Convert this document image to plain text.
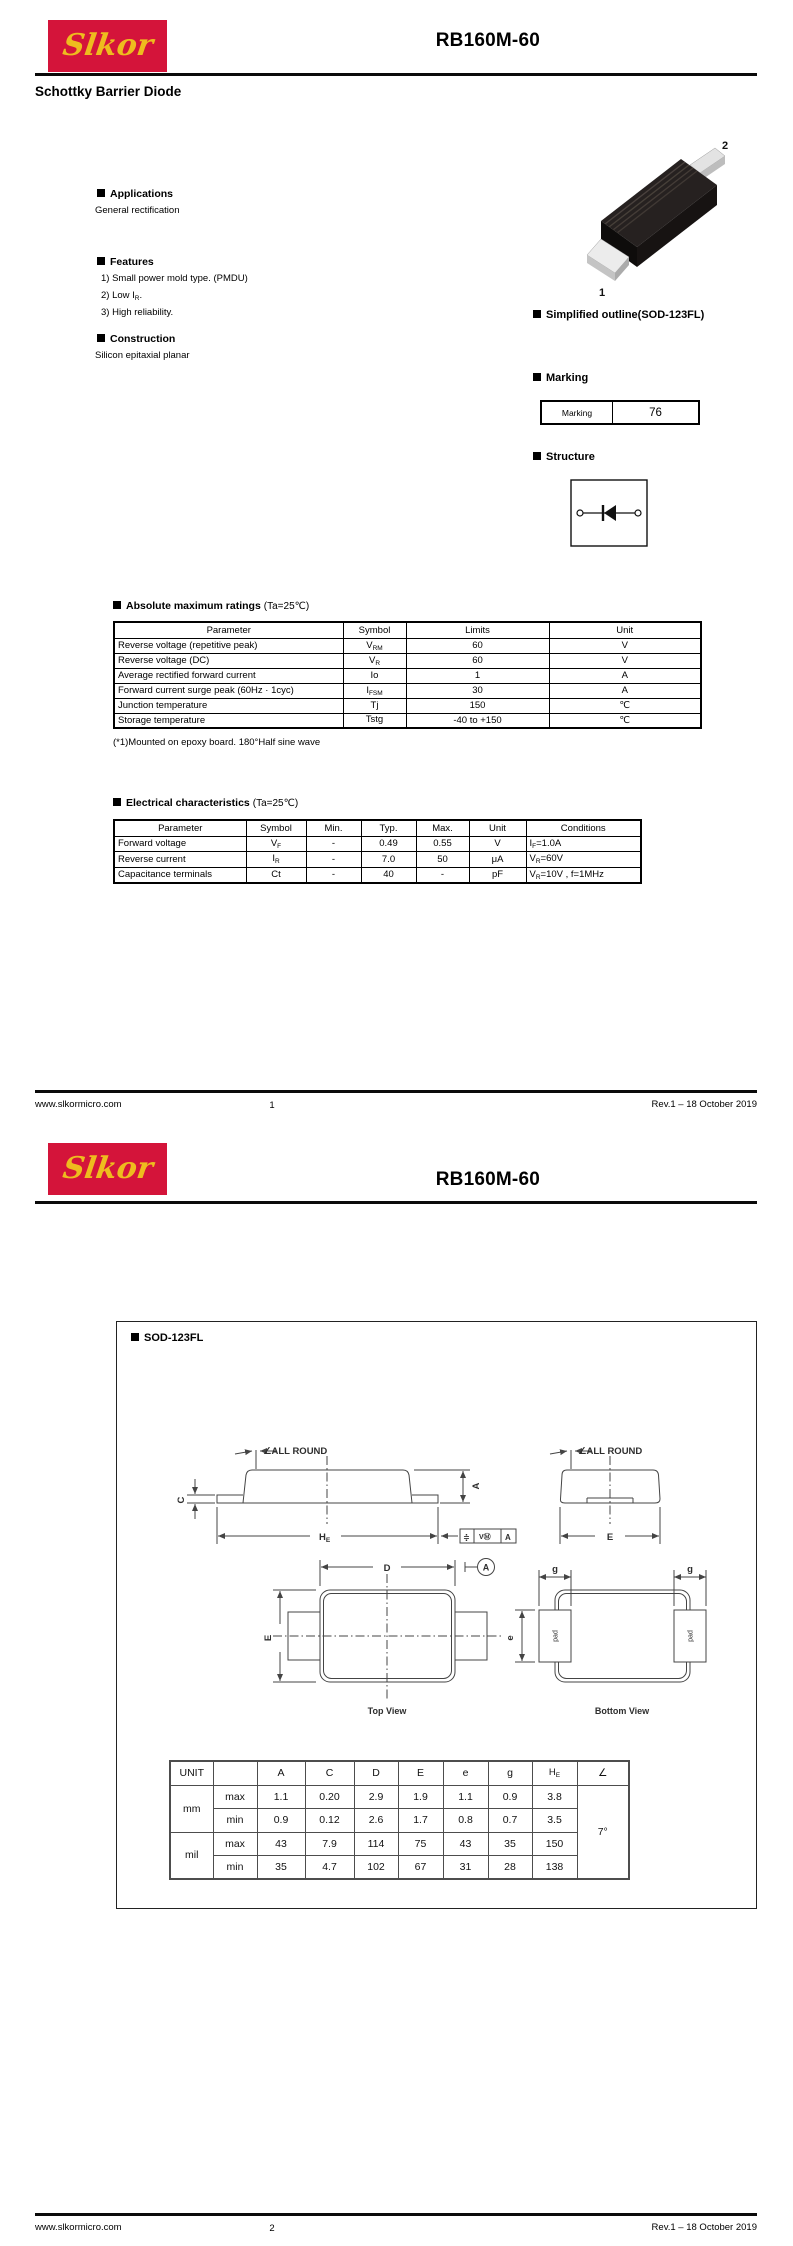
Slkor	RB160M-60
Schottky Barrier Diode
Applications
General rectification
Features
1) Small power mold type. (PMDU)
2) Low $I_R$.
3) High reliability.
Construction
Silicon epitaxial planar
2
1
Simplified outline(SOD-123FL)
Marking
Marking	76
Structure
Absolute maximum ratings (Ta=25℃)
Parameter	Symbol	Limits	Unit
Reverse voltage (repetitive peak)	$V_{RM}$	60	V
Reverse voltage (DC)	$V_R$	60	V
Average rectified forward current	Io	1	A
Forward current surge peak (60Hz · 1cyc)	$I_{FSM}$	30	A
Junction temperature	Tj	150	℃
Storage temperature	Tstg	-40 to +150	℃
(*1)Mounted on epoxy board. 180°Half sine wave
Electrical characteristics (Ta=25℃)
Parameter	Symbol	Min.	Typ.	Max.	Unit	Conditions
Forward voltage	$V_F$	-	0.49	0.55	V	$I_F=1.0A$
Reverse current	$I_R$	-	7.0	50	μA	$V_R=60V$
Capacitance terminals	Ct	-	40	-	pF	$V_R=10V$ , f=1MHz
www.slkormicro.com	1	Rev.1 – 18 October 2019
Slkor	RB160M-60
SOD-123FL
∠ALL ROUND	∠ALL ROUND
C
A
HE	≑ VⓂ A	E
D	A
E
g	g
e	pad	pad
Top View	Bottom View
UNIT		A	C	D	E	e	g	$H_E$	∠
mm	max	1.1	0.20	2.9	1.9	1.1	0.9	3.8	7°
	min	0.9	0.12	2.6	1.7	0.8	0.7	3.5	
mil	max	43	7.9	114	75	43	35	150	
	min	35	4.7	102	67	31	28	138	
www.slkormicro.com	2	Rev.1 – 18 October 2019
